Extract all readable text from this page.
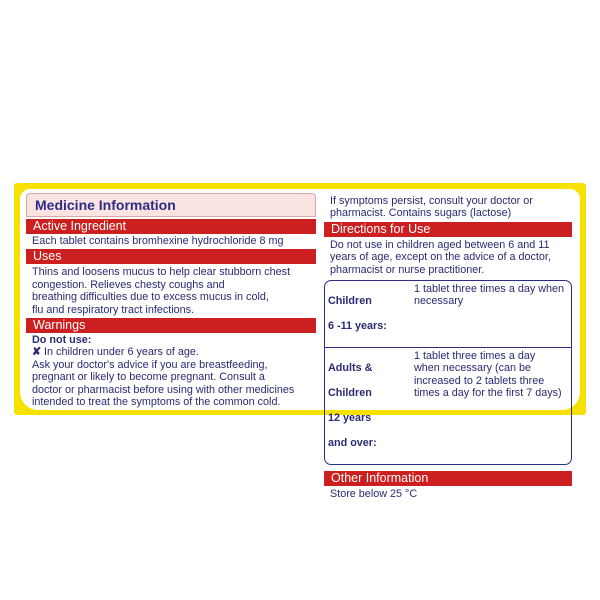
Medicine Information
Active Ingredient
Each tablet contains bromhexine hydrochloride 8 mg
Uses
Thins and loosens mucus to help clear stubborn chest
congestion. Relieves chesty coughs and
breathing difficulties due to excess mucus in cold,
flu and respiratory tract infections.
Warnings
Do not use:
✘ In children under 6 years of age.
Ask your doctor's advice if you are breastfeeding,
pregnant or likely to become pregnant. Consult a
doctor or pharmacist before using with other medicines
intended to treat the symptoms of the common cold.
If symptoms persist, consult your doctor or
pharmacist. Contains sugars (lactose)
Directions for Use
Do not use in children aged between 6 and 11
years of age, except on the advice of a doctor,
pharmacist or nurse practitioner.

Children

6 -11 years:

1 tablet three times a day when
necessary

Adults &

Children

12 years

and over:

1 tablet three times a day
when necessary (can be
increased to 2 tablets three
times a day for the first 7 days)
Other Information
Store below 25 °C
